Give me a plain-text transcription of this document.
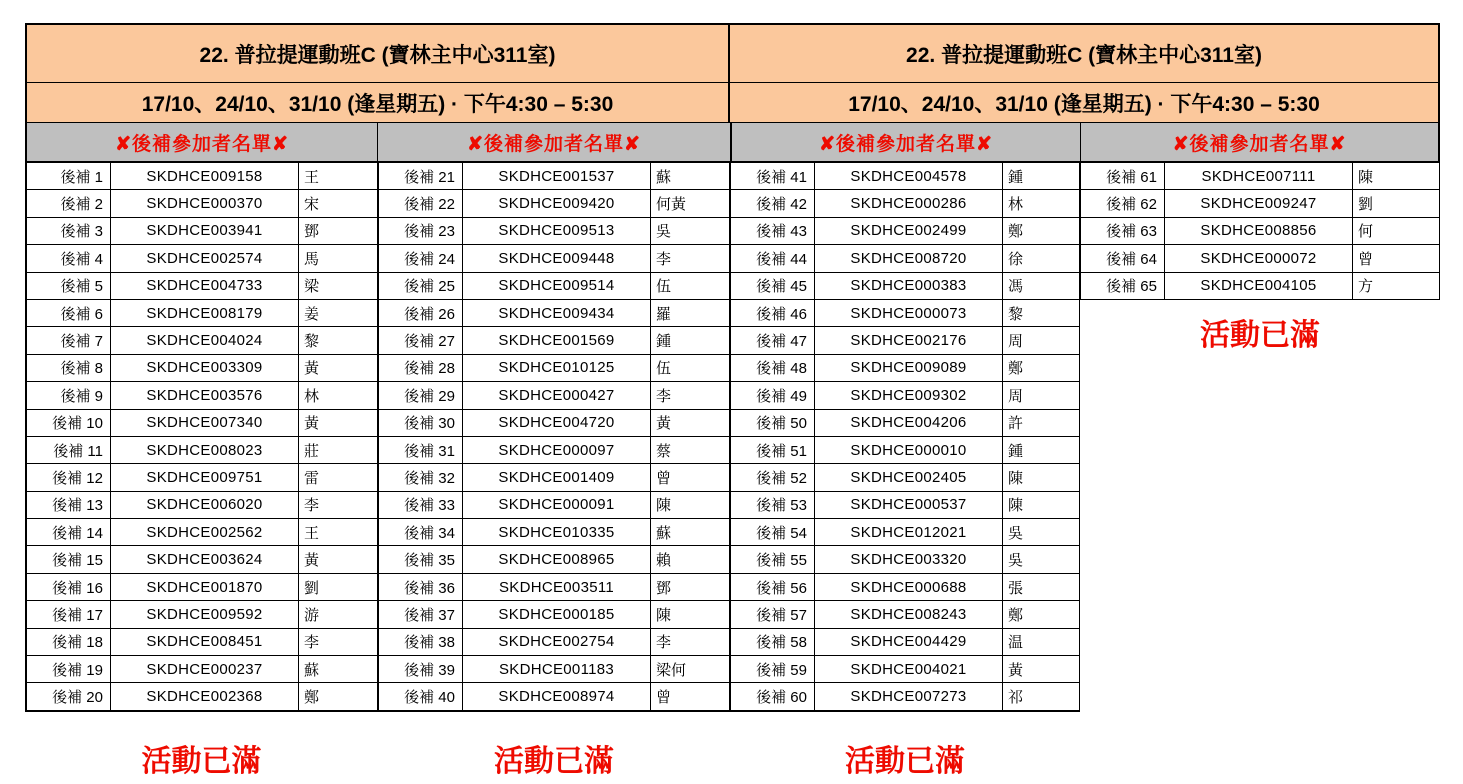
22. 普拉提運動班C (寶林主中心311室)	22. 普拉提運動班C (寶林主中心311室)
17/10、24/10、31/10 (逢星期五) · 下午4:30 – 5:30	17/10、24/10、31/10 (逢星期五) · 下午4:30 – 5:30
✘後補參加者名單✘	✘後補參加者名單✘	✘後補參加者名單✘	✘後補參加者名單✘
後補 1	SKDHCE009158	王
後補 2	SKDHCE000370	宋
後補 3	SKDHCE003941	鄧
後補 4	SKDHCE002574	馬
後補 5	SKDHCE004733	梁
後補 6	SKDHCE008179	姜
後補 7	SKDHCE004024	黎
後補 8	SKDHCE003309	黃
後補 9	SKDHCE003576	林
後補 10	SKDHCE007340	黃
後補 11	SKDHCE008023	莊
後補 12	SKDHCE009751	雷
後補 13	SKDHCE006020	李
後補 14	SKDHCE002562	王
後補 15	SKDHCE003624	黃
後補 16	SKDHCE001870	劉
後補 17	SKDHCE009592	游
後補 18	SKDHCE008451	李
後補 19	SKDHCE000237	蘇
後補 20	SKDHCE002368	鄭
後補 21	SKDHCE001537	蘇
後補 22	SKDHCE009420	何黃
後補 23	SKDHCE009513	吳
後補 24	SKDHCE009448	李
後補 25	SKDHCE009514	伍
後補 26	SKDHCE009434	羅
後補 27	SKDHCE001569	鍾
後補 28	SKDHCE010125	伍
後補 29	SKDHCE000427	李
後補 30	SKDHCE004720	黃
後補 31	SKDHCE000097	蔡
後補 32	SKDHCE001409	曾
後補 33	SKDHCE000091	陳
後補 34	SKDHCE010335	蘇
後補 35	SKDHCE008965	賴
後補 36	SKDHCE003511	鄧
後補 37	SKDHCE000185	陳
後補 38	SKDHCE002754	李
後補 39	SKDHCE001183	梁何
後補 40	SKDHCE008974	曾
後補 41	SKDHCE004578	鍾
後補 42	SKDHCE000286	林
後補 43	SKDHCE002499	鄭
後補 44	SKDHCE008720	徐
後補 45	SKDHCE000383	馮
後補 46	SKDHCE000073	黎
後補 47	SKDHCE002176	周
後補 48	SKDHCE009089	鄭
後補 49	SKDHCE009302	周
後補 50	SKDHCE004206	許
後補 51	SKDHCE000010	鍾
後補 52	SKDHCE002405	陳
後補 53	SKDHCE000537	陳
後補 54	SKDHCE012021	吳
後補 55	SKDHCE003320	吳
後補 56	SKDHCE000688	張
後補 57	SKDHCE008243	鄭
後補 58	SKDHCE004429	温
後補 59	SKDHCE004021	黃
後補 60	SKDHCE007273	祁
後補 61	SKDHCE007111	陳
後補 62	SKDHCE009247	劉
後補 63	SKDHCE008856	何
後補 64	SKDHCE000072	曾
後補 65	SKDHCE004105	方
活動已滿
活動已滿	活動已滿	活動已滿
